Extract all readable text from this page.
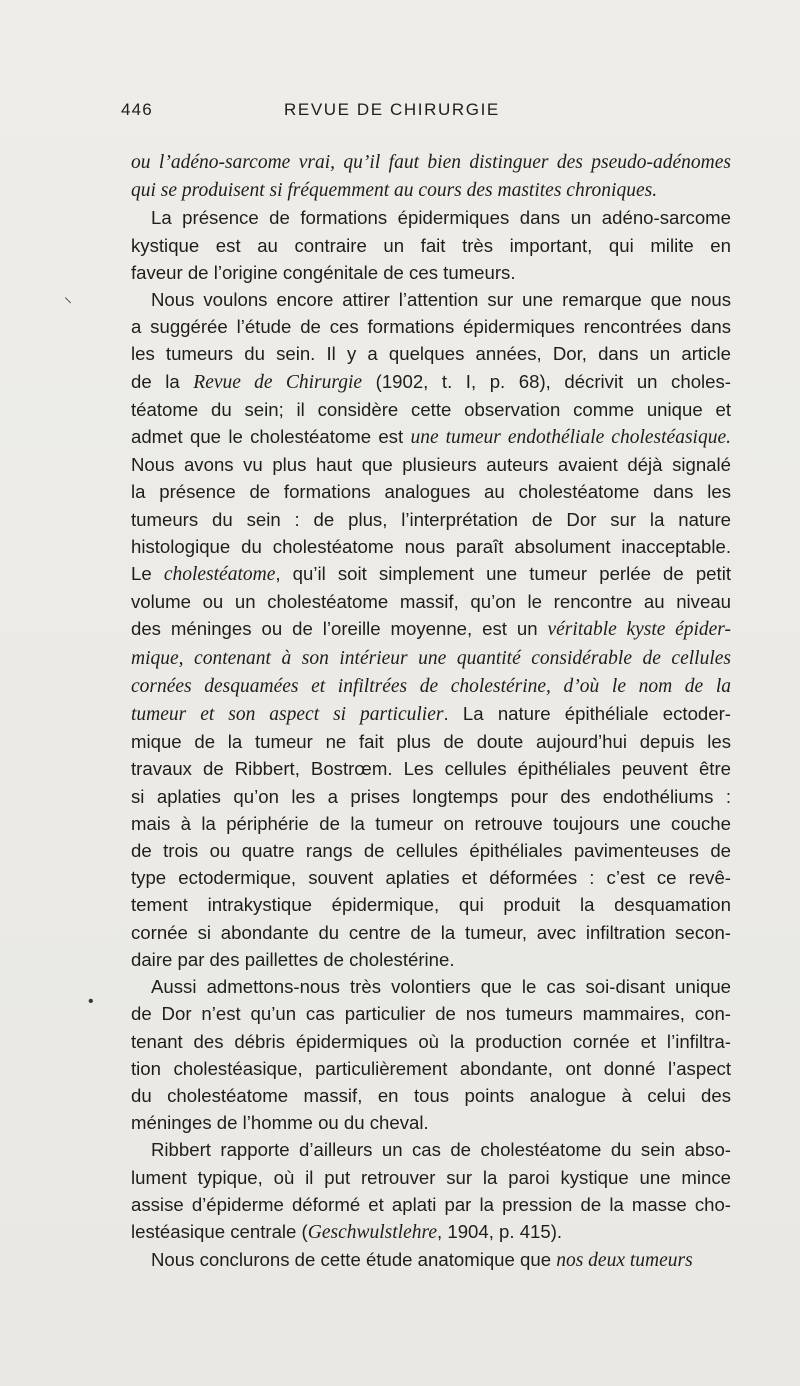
446	REVUE DE CHIRURGIE
⸜
•
ou l’adéno-sarcome vrai, qu’il faut bien distinguer des pseudo-adénomes
qui se produisent si fréquemment au cours des mastites chroniques.
La présence de formations épidermiques dans un adéno-sarcome
kystique est au contraire un fait très important, qui milite en
faveur de l’origine congénitale de ces tumeurs.
Nous voulons encore attirer l’attention sur une remarque que nous
a suggérée l’étude de ces formations épidermiques rencontrées dans
les tumeurs du sein. Il y a quelques années, Dor, dans un article
de la Revue de Chirurgie (1902, t. I, p. 68), décrivit un choles-
téatome du sein; il considère cette observation comme unique et
admet que le cholestéatome est une tumeur endothéliale cholestéasique.
Nous avons vu plus haut que plusieurs auteurs avaient déjà signalé
la présence de formations analogues au cholestéatome dans les
tumeurs du sein : de plus, l’interprétation de Dor sur la nature
histologique du cholestéatome nous paraît absolument inacceptable.
Le cholestéatome, qu’il soit simplement une tumeur perlée de petit
volume ou un cholestéatome massif, qu’on le rencontre au niveau
des méninges ou de l’oreille moyenne, est un véritable kyste épider-
mique, contenant à son intérieur une quantité considérable de cellules
cornées desquamées et infiltrées de cholestérine, d’où le nom de la
tumeur et son aspect si particulier. La nature épithéliale ectoder-
mique de la tumeur ne fait plus de doute aujourd’hui depuis les
travaux de Ribbert, Bostrœm. Les cellules épithéliales peuvent être
si aplaties qu’on les a prises longtemps pour des endothéliums :
mais à la périphérie de la tumeur on retrouve toujours une couche
de trois ou quatre rangs de cellules épithéliales pavimenteuses de
type ectodermique, souvent aplaties et déformées : c’est ce revê-
tement intrakystique épidermique, qui produit la desquamation
cornée si abondante du centre de la tumeur, avec infiltration secon-
daire par des paillettes de cholestérine.
Aussi admettons-nous très volontiers que le cas soi-disant unique
de Dor n’est qu’un cas particulier de nos tumeurs mammaires, con-
tenant des débris épidermiques où la production cornée et l’infiltra-
tion cholestéasique, particulièrement abondante, ont donné l’aspect
du cholestéatome massif, en tous points analogue à celui des
méninges de l’homme ou du cheval.
Ribbert rapporte d’ailleurs un cas de cholestéatome du sein abso-
lument typique, où il put retrouver sur la paroi kystique une mince
assise d’épiderme déformé et aplati par la pression de la masse cho-
lestéasique centrale (Geschwulstlehre, 1904, p. 415).
Nous conclurons de cette étude anatomique que nos deux tumeurs
